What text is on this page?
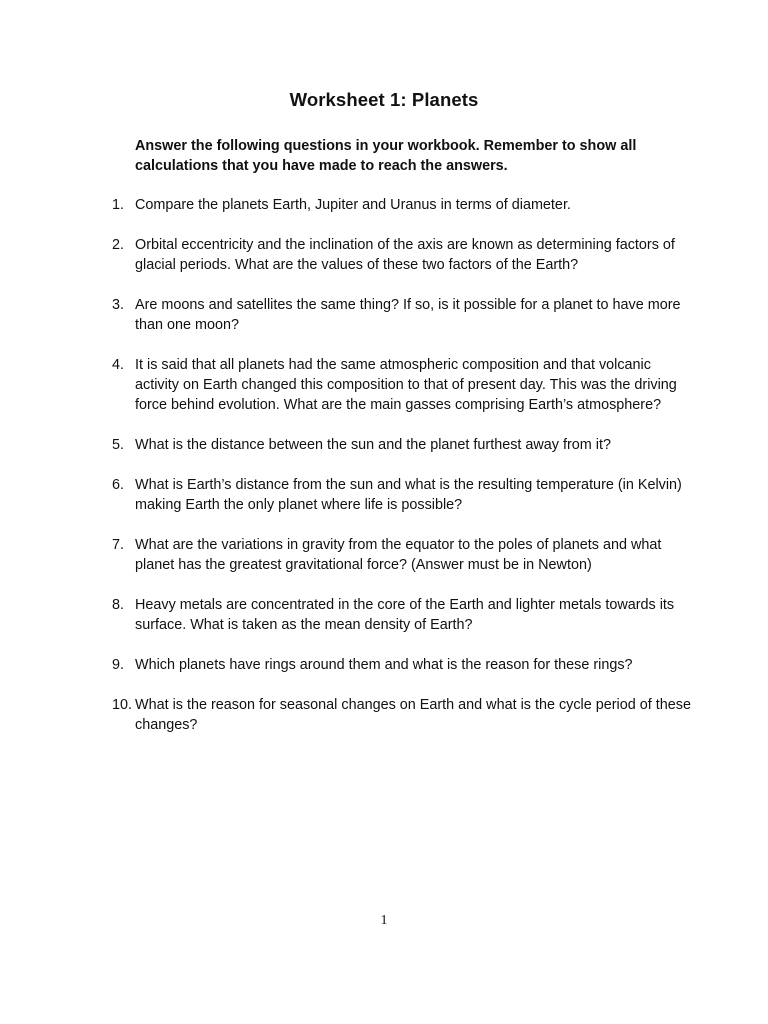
Worksheet 1: Planets
Answer the following questions in your workbook. Remember to show all calculations that you have made to reach the answers.
1. Compare the planets Earth, Jupiter and Uranus in terms of diameter.
2. Orbital eccentricity and the inclination of the axis are known as determining factors of glacial periods. What are the values of these two factors of the Earth?
3. Are moons and satellites the same thing? If so, is it possible for a planet to have more than one moon?
4. It is said that all planets had the same atmospheric composition and that volcanic activity on Earth changed this composition to that of present day. This was the driving force behind evolution. What are the main gasses comprising Earth’s atmosphere?
5. What is the distance between the sun and the planet furthest away from it?
6. What is Earth’s distance from the sun and what is the resulting temperature (in Kelvin) making Earth the only planet where life is possible?
7. What are the variations in gravity from the equator to the poles of planets and what planet has the greatest gravitational force? (Answer must be in Newton)
8. Heavy metals are concentrated in the core of the Earth and lighter metals towards its surface. What is taken as the mean density of Earth?
9. Which planets have rings around them and what is the reason for these rings?
10. What is the reason for seasonal changes on Earth and what is the cycle period of these changes?
1
